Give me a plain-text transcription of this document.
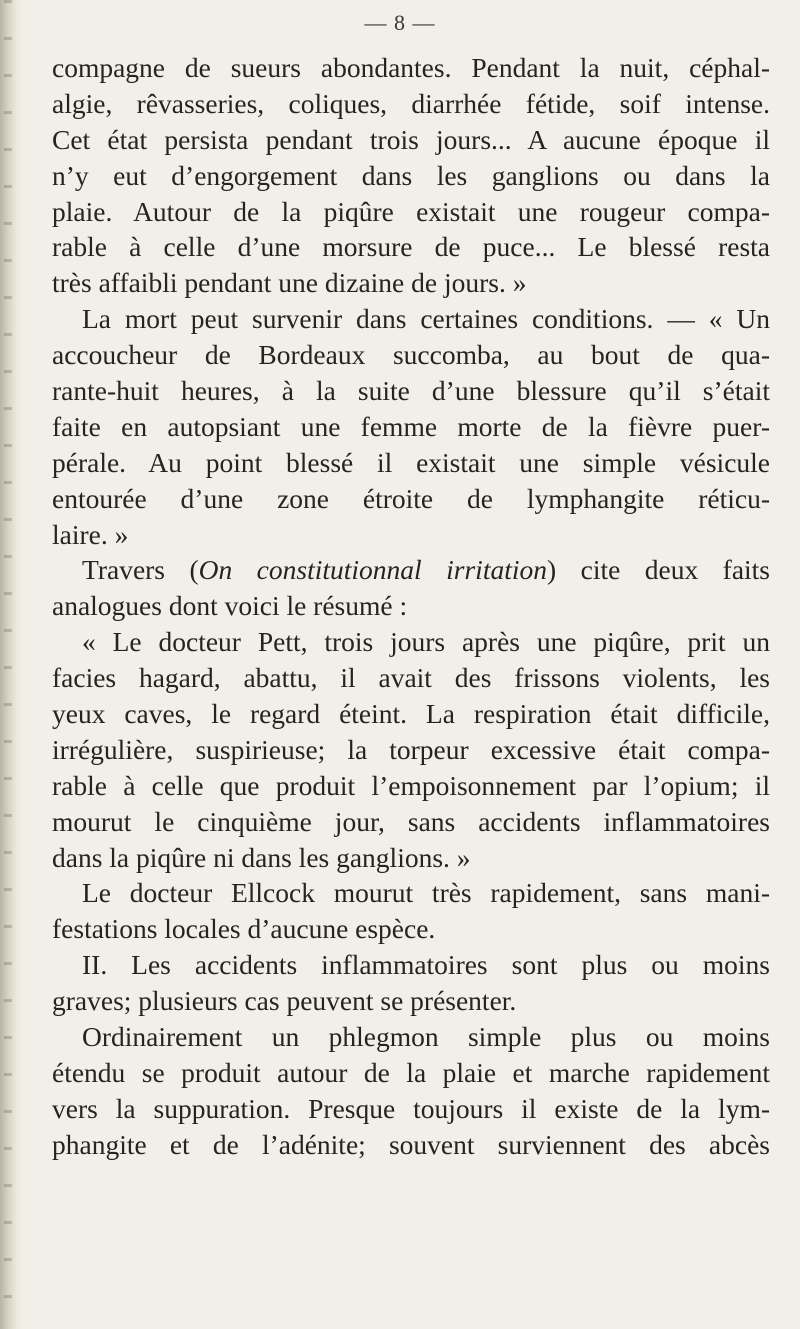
— 8 —
compagne de sueurs abondantes. Pendant la nuit, céphal-
algie, rêvasseries, coliques, diarrhée fétide, soif intense.
Cet état persista pendant trois jours... A aucune époque il
n’y eut d’engorgement dans les ganglions ou dans la
plaie. Autour de la piqûre existait une rougeur compa-
rable à celle d’une morsure de puce... Le blessé resta
très affaibli pendant une dizaine de jours. »
La mort peut survenir dans certaines conditions. — « Un
accoucheur de Bordeaux succomba, au bout de qua-
rante-huit heures, à la suite d’une blessure qu’il s’était
faite en autopsiant une femme morte de la fièvre puer-
pérale. Au point blessé il existait une simple vésicule
entourée d’une zone étroite de lymphangite réticu-
laire. »
Travers (On constitutionnal irritation) cite deux faits
analogues dont voici le résumé :
« Le docteur Pett, trois jours après une piqûre, prit un
facies hagard, abattu, il avait des frissons violents, les
yeux caves, le regard éteint. La respiration était difficile,
irrégulière, suspirieuse; la torpeur excessive était compa-
rable à celle que produit l’empoisonnement par l’opium; il
mourut le cinquième jour, sans accidents inflammatoires
dans la piqûre ni dans les ganglions. »
Le docteur Ellcock mourut très rapidement, sans mani-
festations locales d’aucune espèce.
II. Les accidents inflammatoires sont plus ou moins
graves; plusieurs cas peuvent se présenter.
Ordinairement un phlegmon simple plus ou moins
étendu se produit autour de la plaie et marche rapidement
vers la suppuration. Presque toujours il existe de la lym-
phangite et de l’adénite; souvent surviennent des abcès
